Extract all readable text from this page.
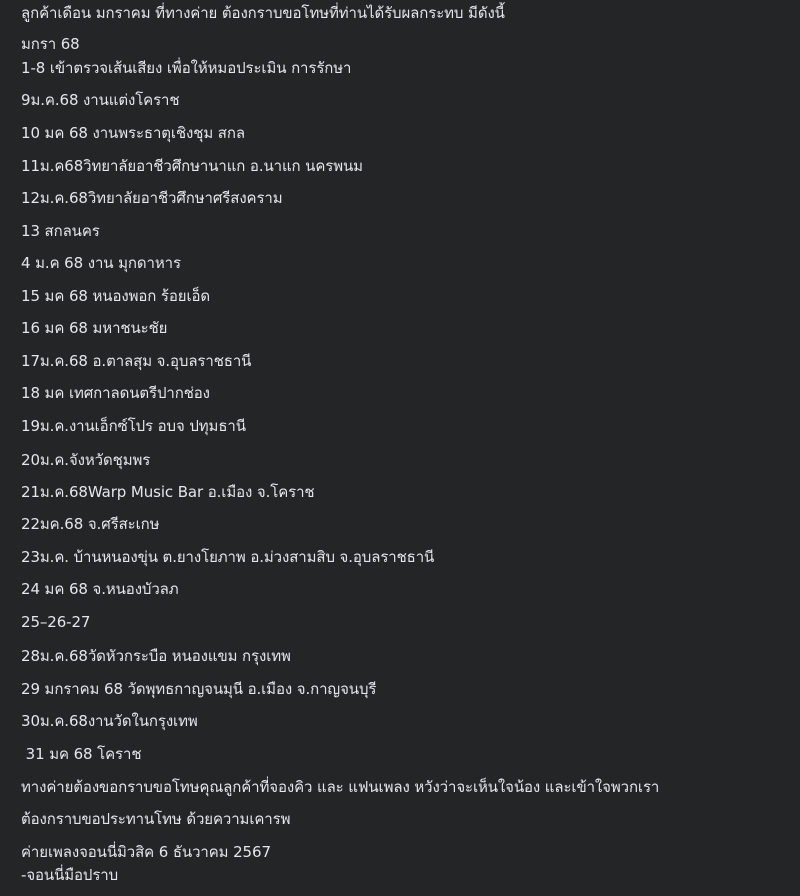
ลูกค้าเดือน มกราคม ที่ทางค่าย ต้องกราบขอโทษที่ท่านได้รับผลกระทบ มีดังนี้
มกรา 68
1-8 เข้าตรวจเส้นเสียง เพื่อให้หมอประเมิน การรักษา
9ม.ค.68 งานแต่งโคราช
10 มค 68 งานพระธาตุเชิงชุม สกล
11ม.ค68วิทยาลัยอาชีวศึกษานาแก อ.นาแก นครพนม
12ม.ค.68วิทยาลัยอาชีวศึกษาศรีสงคราม
13 สกลนคร
4 ม.ค 68 งาน มุกดาหาร
15 มค 68 หนองพอก ร้อยเอ็ด
16 มค 68 มหาชนะชัย
17ม.ค.68 อ.ตาลสุม จ.อุบลราชธานี
18 มค เทศกาลดนตรีปากช่อง
19ม.ค.งานเอ็กซ์โปร อบจ ปทุมธานี
20ม.ค.จังหวัดชุมพร
21ม.ค.68Warp Music Bar อ.เมือง จ.โคราช
22มค.68 จ.ศรีสะเกษ
23ม.ค. บ้านหนองขุ่น ต.ยางโยภาพ อ.ม่วงสามสิบ จ.อุบลราชธานี
24 มค 68 จ.หนองบัวลภ
25–26-27
28ม.ค.68วัดหัวกระบือ หนองแขม กรุงเทพ
29 มกราคม 68 วัดพุทธกาญจนมุนี อ.เมือง จ.กาญจนบุรี
30ม.ค.68งานวัดในกรุงเทพ
31 มค 68 โคราช
ทางค่ายต้องขอกราบขอโทษคุณลูกค้าที่จองคิว และ แฟนเพลง หวังว่าจะเห็นใจน้อง และเข้าใจพวกเรา
ต้องกราบขอประทานโทษ ด้วยความเคารพ
ค่ายเพลงจอนนี่มิวสิค 6 ธันวาคม 2567
-จอนนี่มือปราบ
